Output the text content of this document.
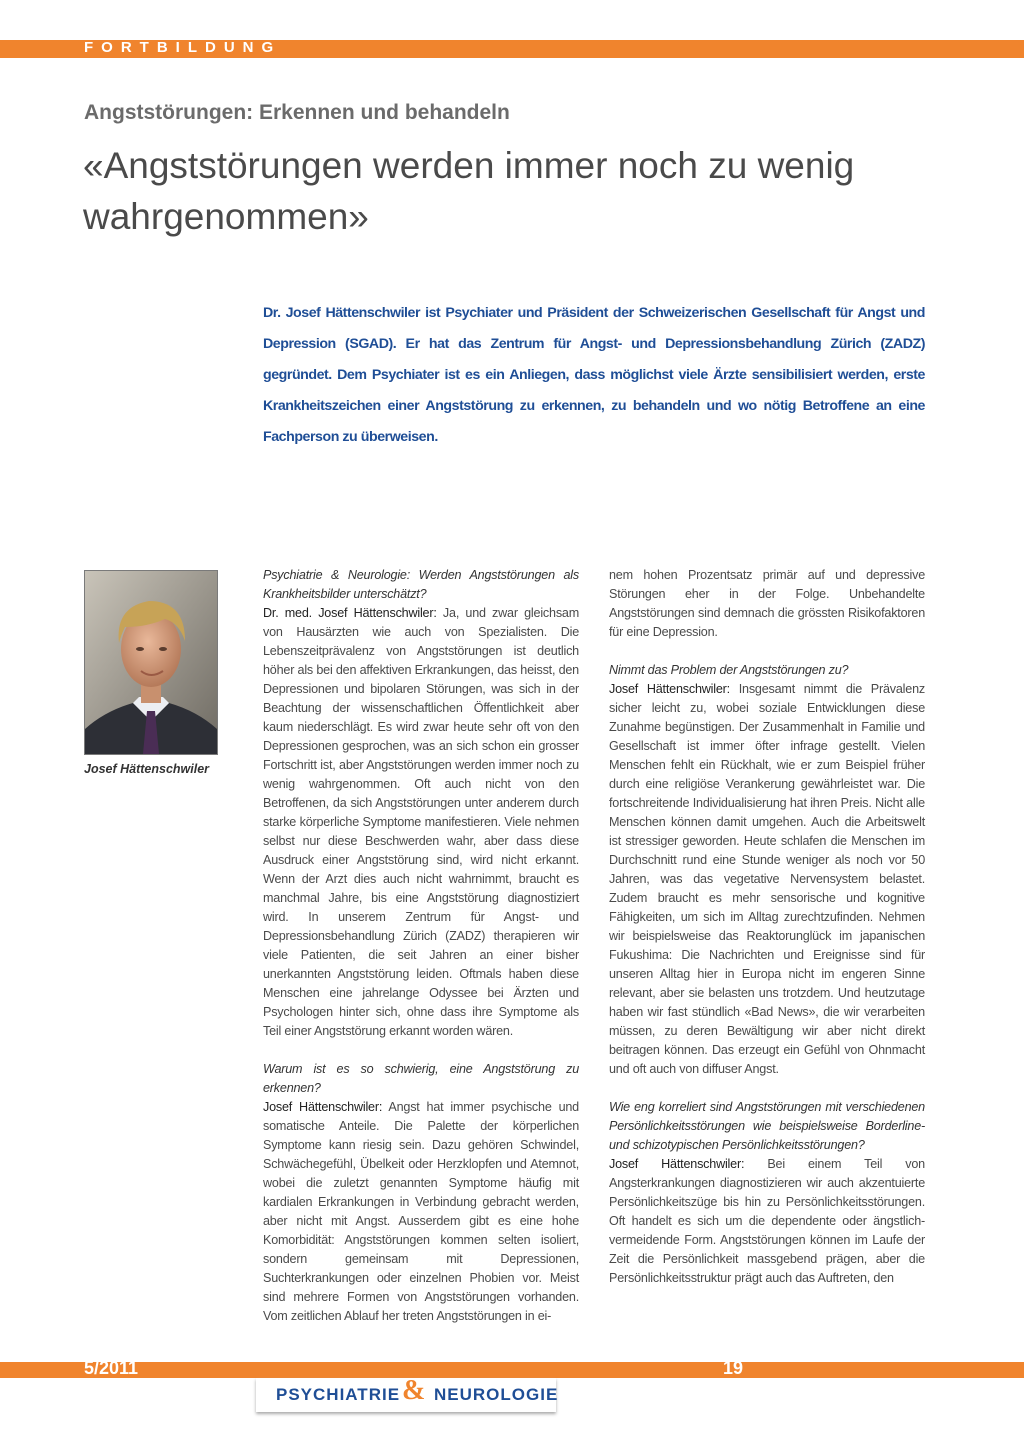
FORTBILDUNG
Angststörungen: Erkennen und behandeln
«Angststörungen werden immer noch zu wenig wahrgenommen»
Dr. Josef Hättenschwiler ist Psychiater und Präsident der Schweizerischen Gesellschaft für Angst und Depression (SGAD). Er hat das Zentrum für Angst- und Depressionsbehandlung Zürich (ZADZ) gegründet. Dem Psychiater ist es ein Anliegen, dass möglichst viele Ärzte sensibilisiert werden, erste Krankheitszeichen einer Angststörung zu erkennen, zu behandeln und wo nötig Betroffene an eine Fachperson zu überweisen.
Josef Hättenschwiler

Psychiatrie & Neurologie: Werden Angststörungen als Krankheitsbilder unterschätzt?
Dr. med. Josef Hättenschwiler: Ja, und zwar gleichsam von Hausärzten wie auch von Spezialisten. Die Lebenszeitprävalenz von Angststörungen ist deutlich höher als bei den affektiven Erkrankungen, das heisst, den Depressionen und bipolaren Störungen, was sich in der Beachtung der wissenschaftlichen Öffentlichkeit aber kaum niederschlägt. Es wird zwar heute sehr oft von den Depressionen gesprochen, was an sich schon ein grosser Fortschritt ist, aber Angststörungen werden immer noch zu wenig wahrgenommen. Oft auch nicht von den Betroffenen, da sich Angststörungen unter anderem durch starke körperliche Symptome manifestieren. Viele nehmen selbst nur diese Beschwerden wahr, aber dass diese Ausdruck einer Angststörung sind, wird nicht erkannt. Wenn der Arzt dies auch nicht wahrnimmt, braucht es manchmal Jahre, bis eine Angststörung diagnostiziert wird. In unserem Zentrum für Angst- und Depressionsbehandlung Zürich (ZADZ) therapieren wir viele Patienten, die seit Jahren an einer bisher unerkannten Angststörung leiden. Oftmals haben diese Menschen eine jahrelange Odyssee bei Ärzten und Psychologen hinter sich, ohne dass ihre Symptome als Teil einer Angststörung erkannt worden wären.

Warum ist es so schwierig, eine Angststörung zu erkennen?
Josef Hättenschwiler: Angst hat immer psychische und somatische Anteile. Die Palette der körperlichen Symptome kann riesig sein. Dazu gehören Schwindel, Schwächegefühl, Übelkeit oder Herzklopfen und Atemnot, wobei die zuletzt genannten Symptome häufig mit kardialen Erkrankungen in Verbindung gebracht werden, aber nicht mit Angst. Ausserdem gibt es eine hohe Komorbidität: Angststörungen kommen selten isoliert, sondern gemeinsam mit Depressionen, Suchterkrankungen oder einzelnen Phobien vor. Meist sind mehrere Formen von Angststörungen vorhanden. Vom zeitlichen Ablauf her treten Angststörungen in ei-

nem hohen Prozentsatz primär auf und depressive Störungen eher in der Folge. Unbehandelte Angststörungen sind demnach die grössten Risikofaktoren für eine Depression.

Nimmt das Problem der Angststörungen zu?
Josef Hättenschwiler: Insgesamt nimmt die Prävalenz sicher leicht zu, wobei soziale Entwicklungen diese Zunahme begünstigen. Der Zusammenhalt in Familie und Gesellschaft ist immer öfter infrage gestellt. Vielen Menschen fehlt ein Rückhalt, wie er zum Beispiel früher durch eine religiöse Verankerung gewährleistet war. Die fortschreitende Individualisierung hat ihren Preis. Nicht alle Menschen können damit umgehen. Auch die Arbeitswelt ist stressiger geworden. Heute schlafen die Menschen im Durchschnitt rund eine Stunde weniger als noch vor 50 Jahren, was das vegetative Nervensystem belastet. Zudem braucht es mehr sensorische und kognitive Fähigkeiten, um sich im Alltag zurechtzufinden. Nehmen wir beispielsweise das Reaktorunglück im japanischen Fukushima: Die Nachrichten und Ereignisse sind für unseren Alltag hier in Europa nicht im engeren Sinne relevant, aber sie belasten uns trotzdem. Und heutzutage haben wir fast stündlich «Bad News», die wir verarbeiten müssen, zu deren Bewältigung wir aber nicht direkt beitragen können. Das erzeugt ein Gefühl von Ohnmacht und oft auch von diffuser Angst.

Wie eng korreliert sind Angststörungen mit verschiedenen Persönlichkeitsstörungen wie beispielsweise Borderline- und schizotypischen Persönlichkeitsstörungen?
Josef Hättenschwiler: Bei einem Teil von Angsterkrankungen diagnostizieren wir auch akzentuierte Persönlichkeitszüge bis hin zu Persönlichkeitsstörungen. Oft handelt es sich um die dependente oder ängstlich-vermeidende Form. Angststörungen können im Laufe der Zeit die Persönlichkeit massgebend prägen, aber die Persönlichkeitsstruktur prägt auch das Auftreten, den

5/2011	19
PSYCHIATRIE & NEUROLOGIE
